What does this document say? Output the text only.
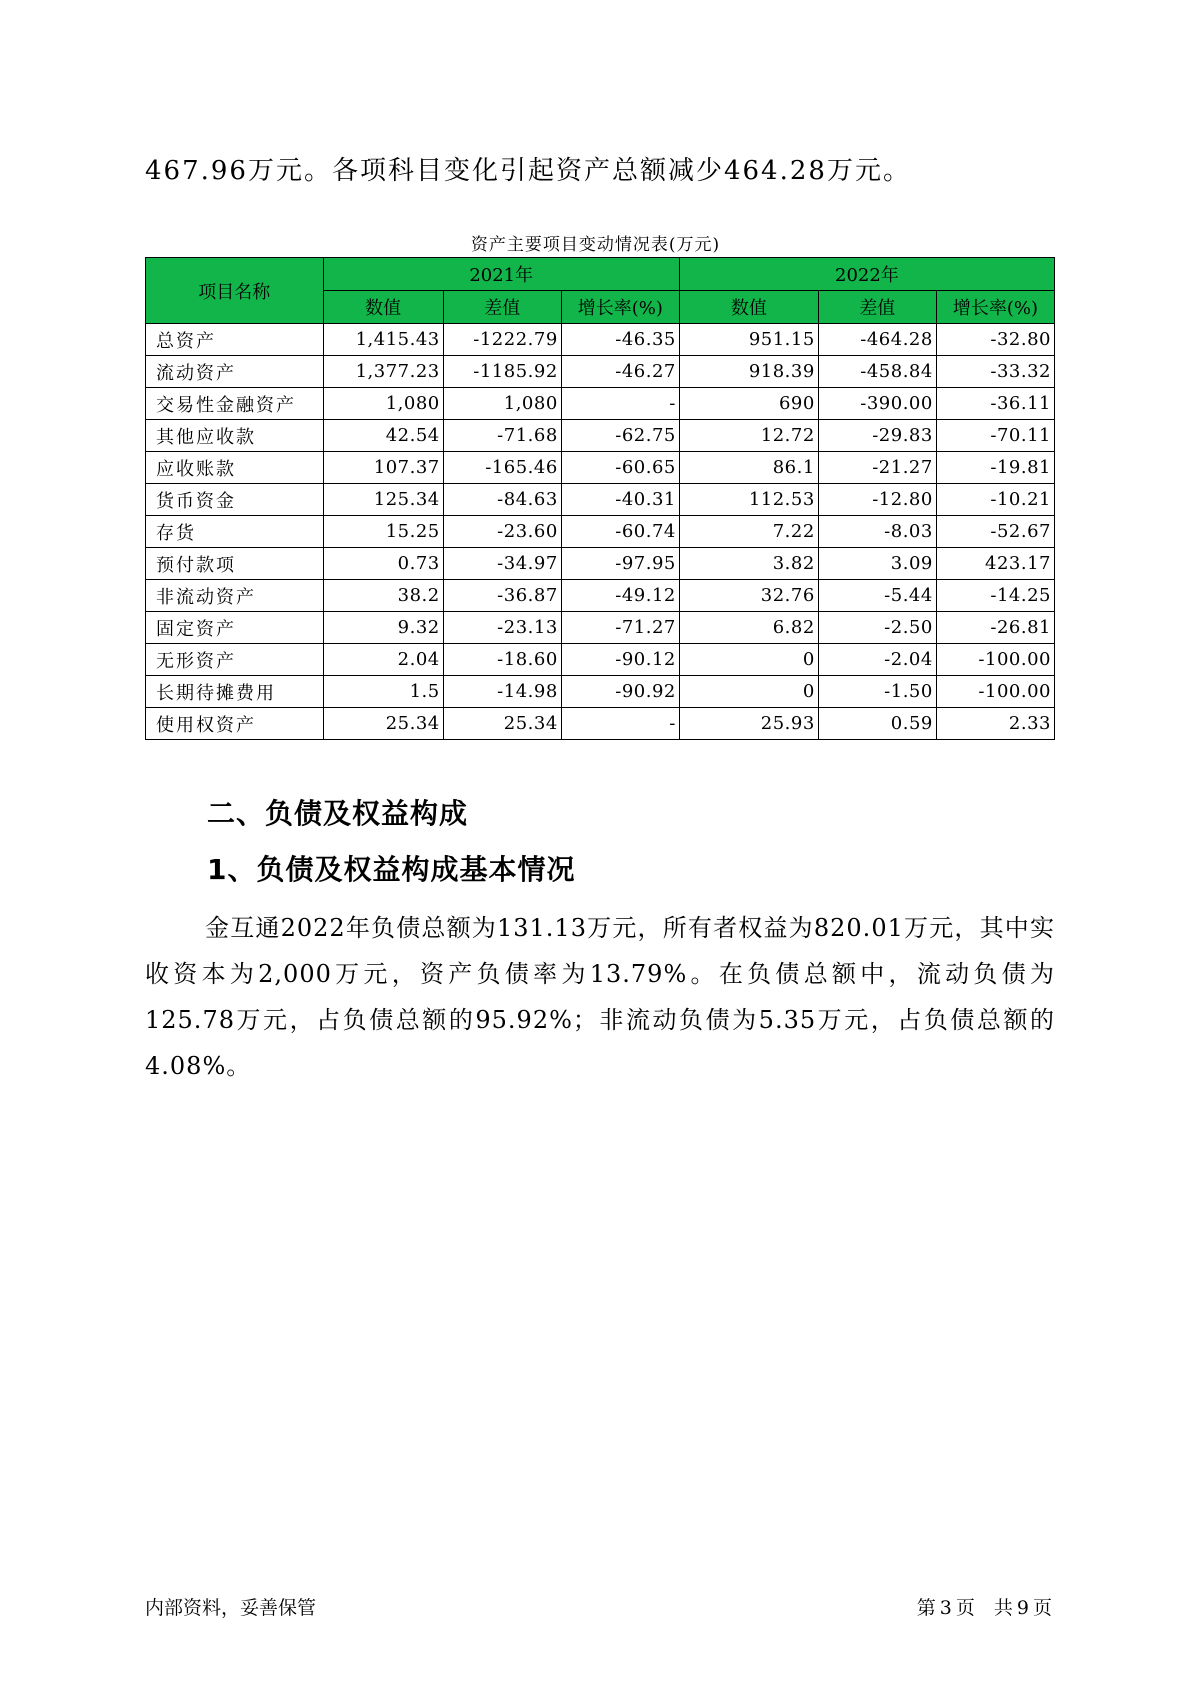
467.96万元。各项科目变化引起资产总额减少464.28万元。
资产主要项目变动情况表(万元)
项目名称	2021年			2022年		
	数值	差值	增长率(%)	数值	差值	增长率(%)
总资产	1,415.43	-1222.79	-46.35	951.15	-464.28	-32.80
流动资产	1,377.23	-1185.92	-46.27	918.39	-458.84	-33.32
交易性金融资产	1,080	1,080	-	690	-390.00	-36.11
其他应收款	42.54	-71.68	-62.75	12.72	-29.83	-70.11
应收账款	107.37	-165.46	-60.65	86.1	-21.27	-19.81
货币资金	125.34	-84.63	-40.31	112.53	-12.80	-10.21
存货	15.25	-23.60	-60.74	7.22	-8.03	-52.67
预付款项	0.73	-34.97	-97.95	3.82	3.09	423.17
非流动资产	38.2	-36.87	-49.12	32.76	-5.44	-14.25
固定资产	9.32	-23.13	-71.27	6.82	-2.50	-26.81
无形资产	2.04	-18.60	-90.12	0	-2.04	-100.00
长期待摊费用	1.5	-14.98	-90.92	0	-1.50	-100.00
使用权资产	25.34	25.34	-	25.93	0.59	2.33
二、负债及权益构成
1、负债及权益构成基本情况
金互通2022年负债总额为131.13万元，所有者权益为820.01万元，其中实收资本为2,000万元，资产负债率为13.79%。在负债总额中，流动负债为125.78万元，占负债总额的95.92%；非流动负债为5.35万元，占负债总额的4.08%。
内部资料，妥善保管	第 3 页　共 9 页
